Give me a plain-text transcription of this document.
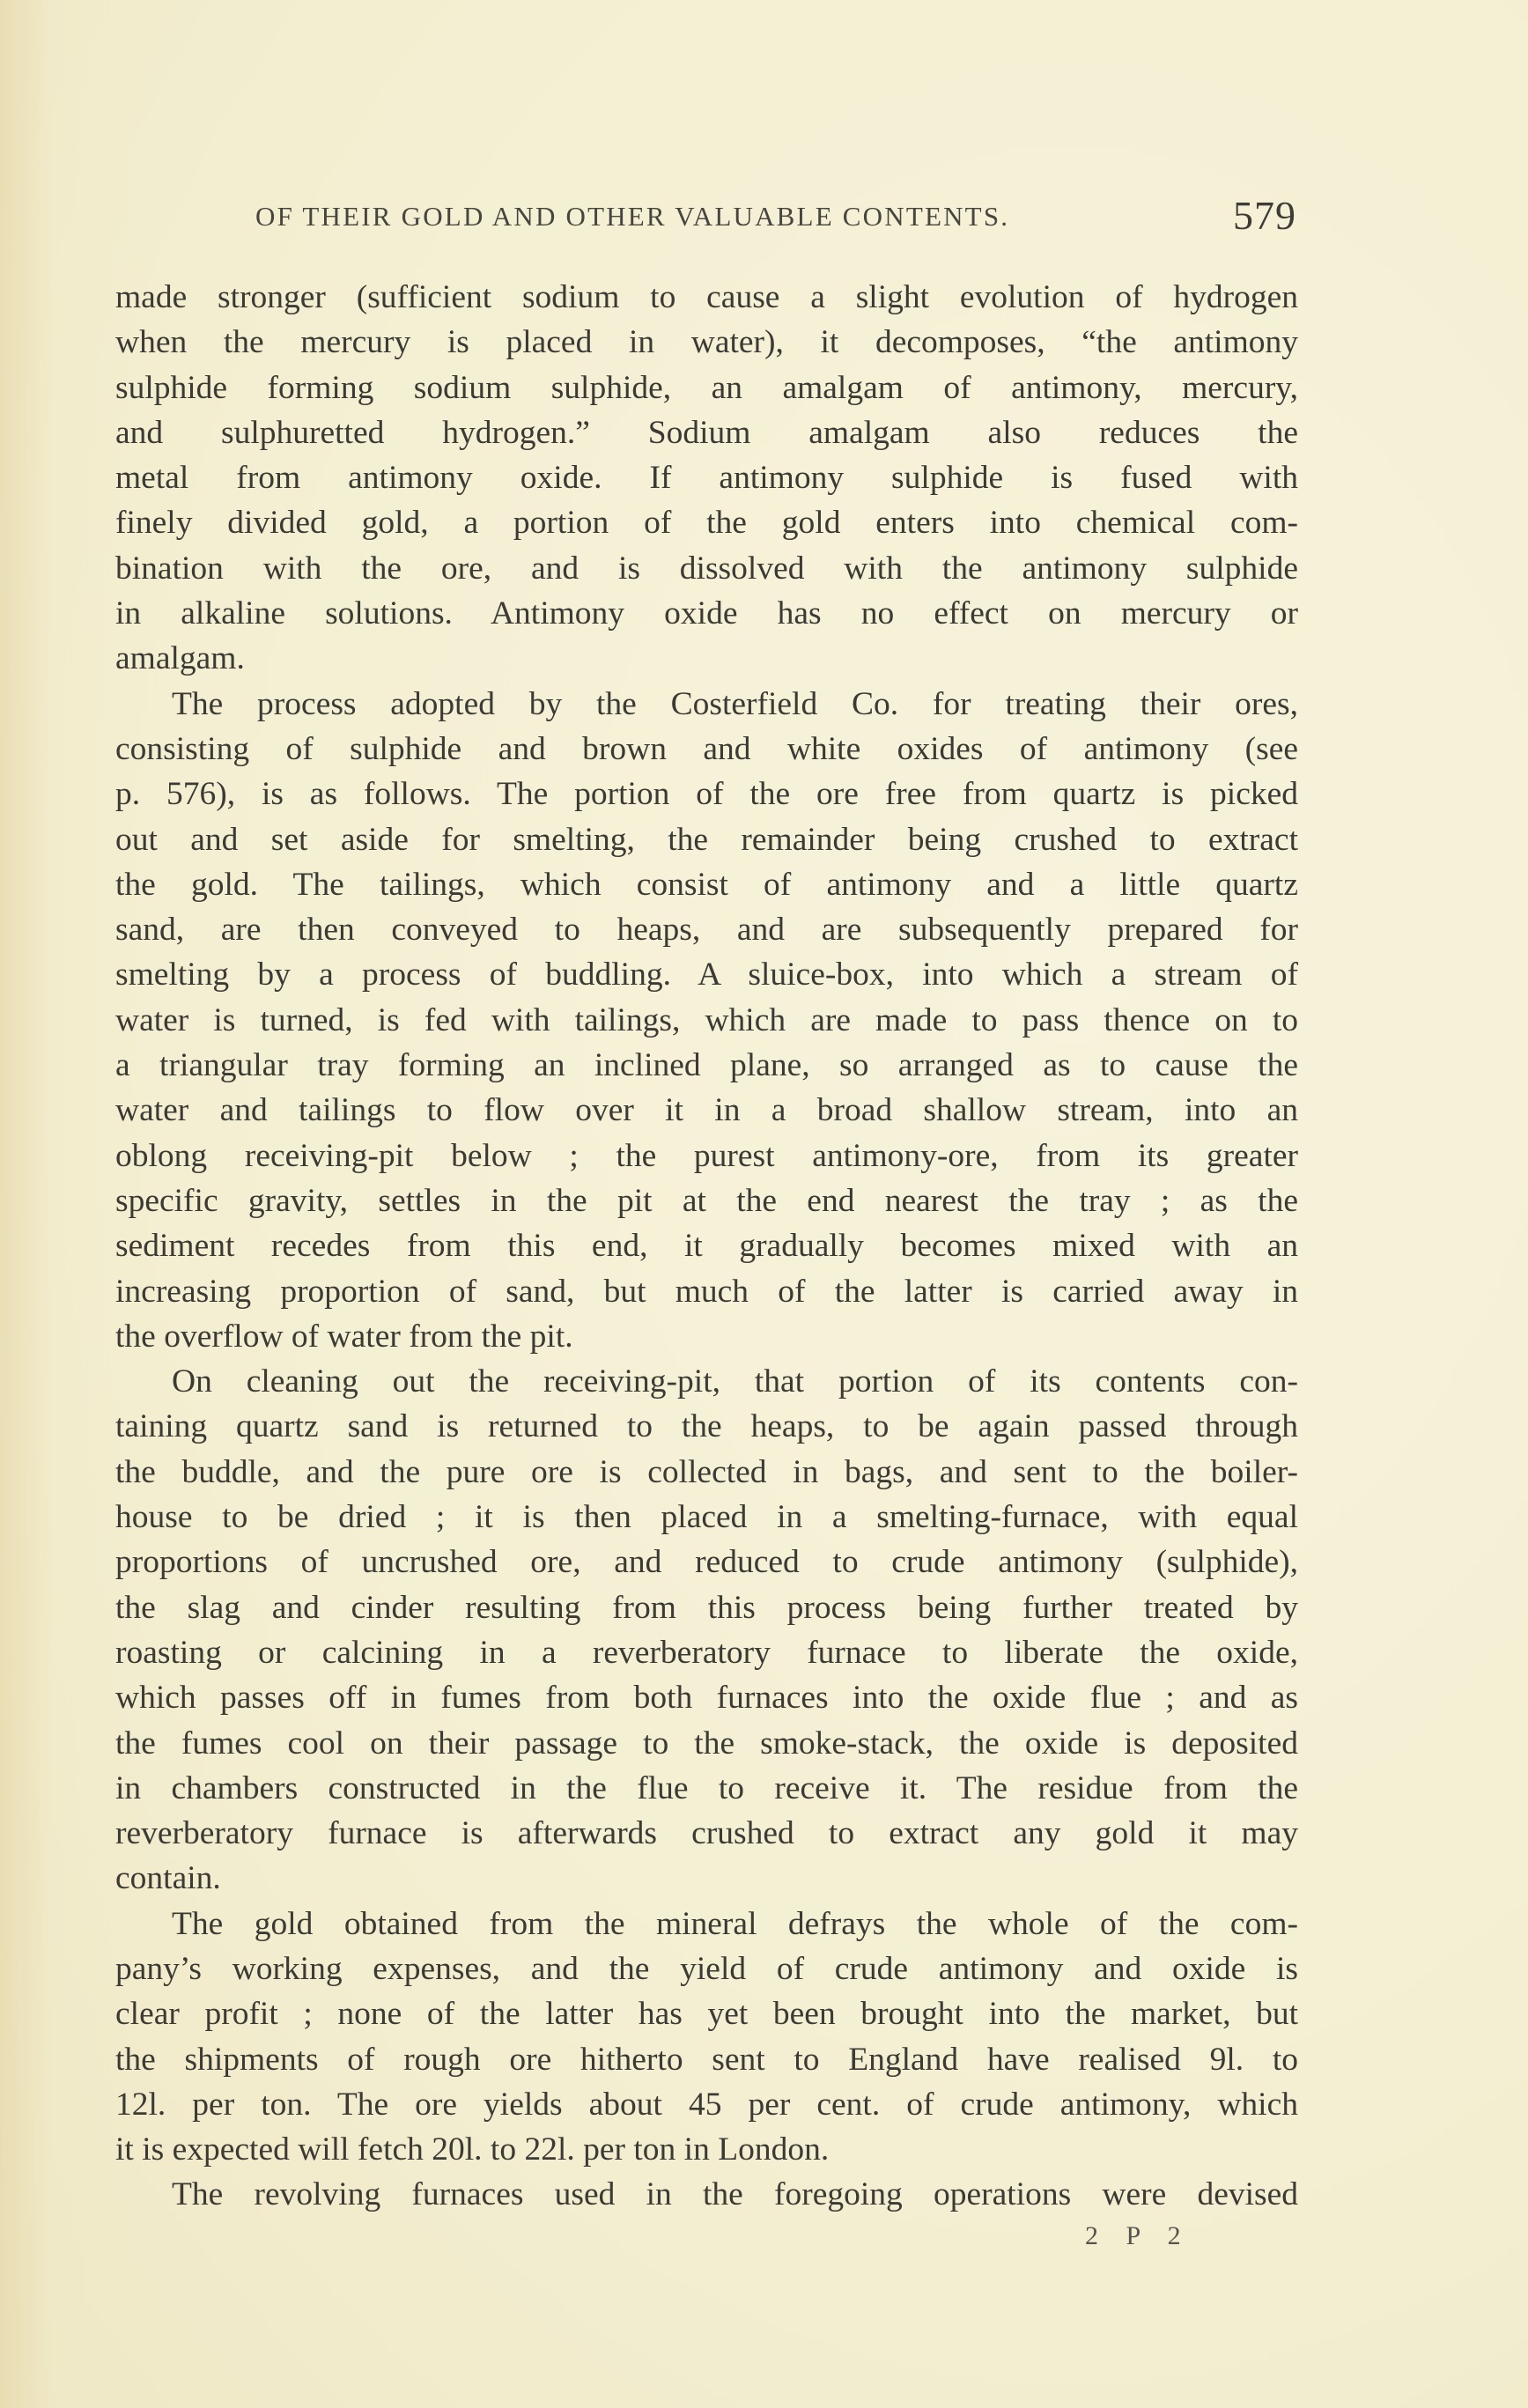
OF THEIR GOLD AND OTHER VALUABLE CONTENTS.	579
made stronger (sufficient sodium to cause a slight evolution of hydrogen
when the mercury is placed in water), it decomposes, “the antimony
sulphide forming sodium sulphide, an amalgam of antimony, mercury,
and sulphuretted hydrogen.” Sodium amalgam also reduces the
metal from antimony oxide. If antimony sulphide is fused with
finely divided gold, a portion of the gold enters into chemical com-
bination with the ore, and is dissolved with the antimony sulphide
in alkaline solutions. Antimony oxide has no effect on mercury or
amalgam.
The process adopted by the Costerfield Co. for treating their ores,
consisting of sulphide and brown and white oxides of antimony (see
p. 576), is as follows. The portion of the ore free from quartz is picked
out and set aside for smelting, the remainder being crushed to extract
the gold. The tailings, which consist of antimony and a little quartz
sand, are then conveyed to heaps, and are subsequently prepared for
smelting by a process of buddling. A sluice-box, into which a stream of
water is turned, is fed with tailings, which are made to pass thence on to
a triangular tray forming an inclined plane, so arranged as to cause the
water and tailings to flow over it in a broad shallow stream, into an
oblong receiving-pit below ; the purest antimony-ore, from its greater
specific gravity, settles in the pit at the end nearest the tray ; as the
sediment recedes from this end, it gradually becomes mixed with an
increasing proportion of sand, but much of the latter is carried away in
the overflow of water from the pit.
On cleaning out the receiving-pit, that portion of its contents con-
taining quartz sand is returned to the heaps, to be again passed through
the buddle, and the pure ore is collected in bags, and sent to the boiler-
house to be dried ; it is then placed in a smelting-furnace, with equal
proportions of uncrushed ore, and reduced to crude antimony (sulphide),
the slag and cinder resulting from this process being further treated by
roasting or calcining in a reverberatory furnace to liberate the oxide,
which passes off in fumes from both furnaces into the oxide flue ; and as
the fumes cool on their passage to the smoke-stack, the oxide is deposited
in chambers constructed in the flue to receive it. The residue from the
reverberatory furnace is afterwards crushed to extract any gold it may
contain.
The gold obtained from the mineral defrays the whole of the com-
pany’s working expenses, and the yield of crude antimony and oxide is
clear profit ; none of the latter has yet been brought into the market, but
the shipments of rough ore hitherto sent to England have realised 9l. to
12l. per ton. The ore yields about 45 per cent. of crude antimony, which
it is expected will fetch 20l. to 22l. per ton in London.
The revolving furnaces used in the foregoing operations were devised
2 P 2
